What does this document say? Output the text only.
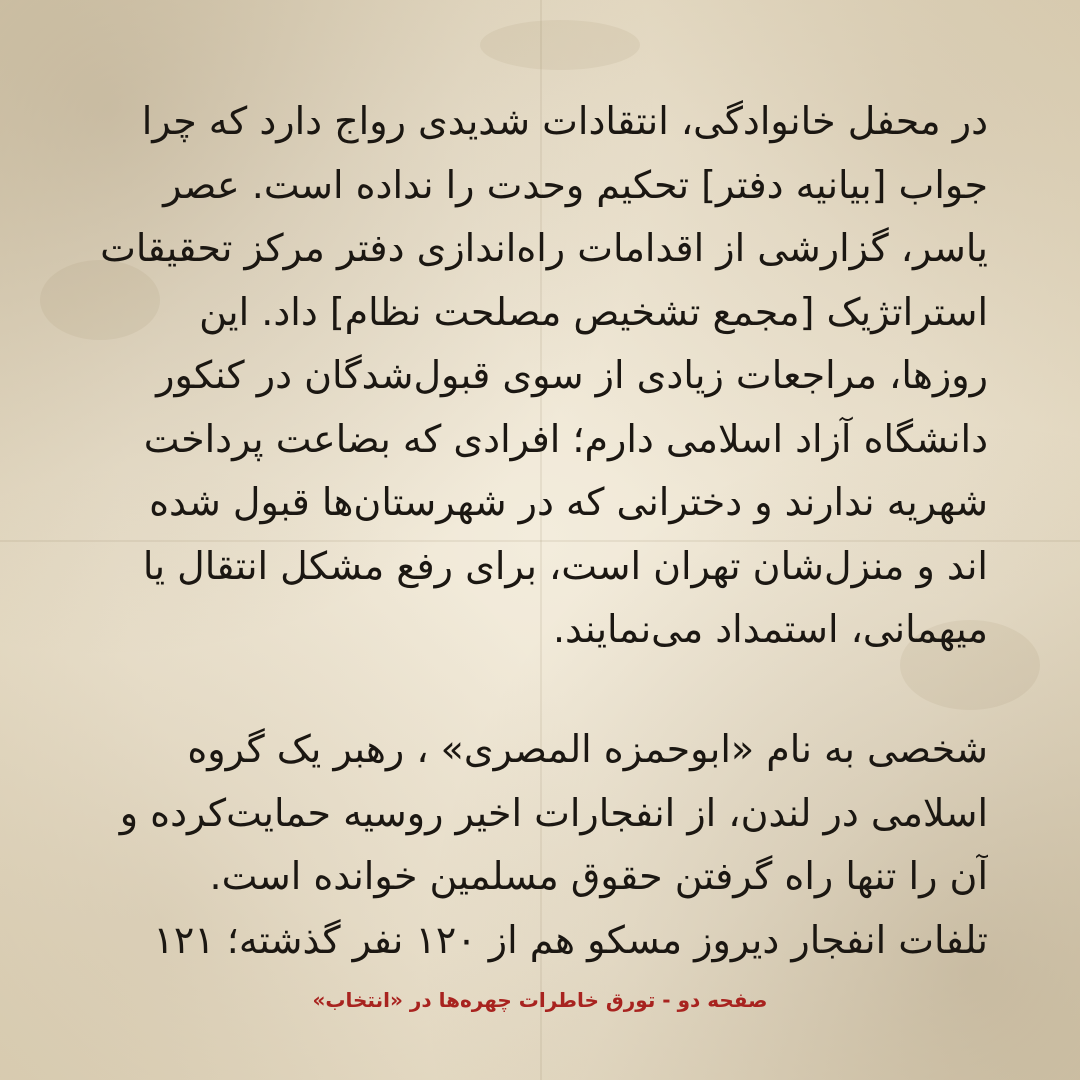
در محفل خانوادگی، انتقادات شدیدی رواج دارد که چرا
جواب [بیانیه دفتر] تحکیم وحدت را نداده است. عصر
یاسر، گزارشی از اقدامات راه‌اندازی دفتر مرکز تحقیقات
استراتژیک [مجمع تشخیص مصلحت نظام] داد. این
روزها، مراجعات زیادی از سوی قبول‌شدگان در کنکور
دانشگاه آزاد اسلامی دارم؛ افرادی که بضاعت پرداخت
شهریه ندارند و دخترانی که در شهرستان‌ها قبول شده
اند و منزل‌شان تهران است، برای رفع مشکل انتقال یا
میهمانی، استمداد می‌نمایند.
شخصی به نام «ابوحمزه المصری» ، رهبر یک گروه
اسلامی در لندن، از انفجارات اخیر روسیه حمایت‌کرده و
آن را تنها راه گرفتن حقوق مسلمین خوانده است.
تلفات انفجار دیروز مسکو هم از ۱۲۰ نفر گذشته؛ ۱۲۱
صفحه دو - تورق خاطرات چهره‌ها در «انتخاب»
